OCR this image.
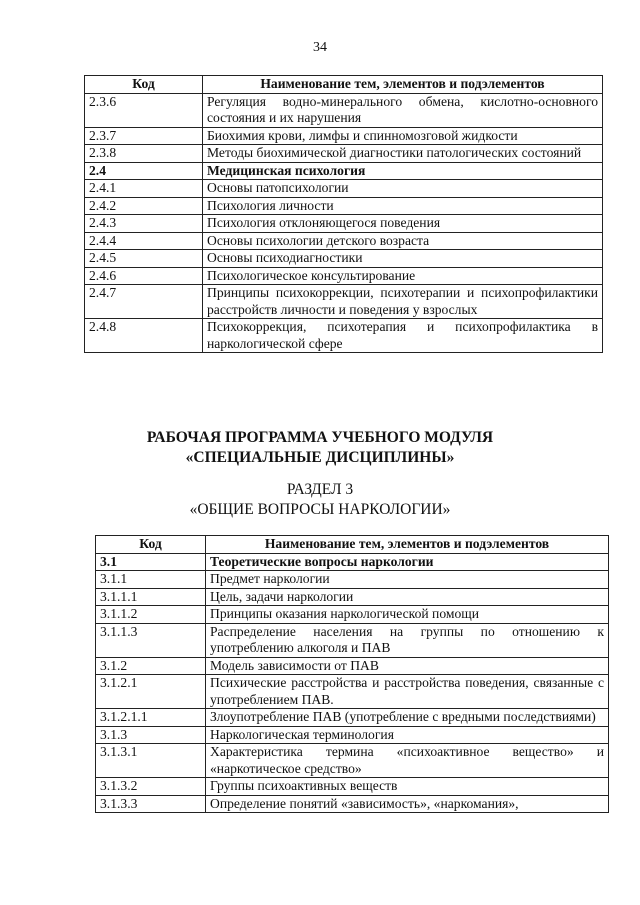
34
Код	Наименование тем, элементов и подэлементов
2.3.6	Регуляция водно-минерального обмена, кислотно-основного состояния и их нарушения
2.3.7	Биохимия крови, лимфы и спинномозговой жидкости
2.3.8	Методы биохимической диагностики патологических состояний
2.4	Медицинская психология
2.4.1	Основы патопсихологии
2.4.2	Психология личности
2.4.3	Психология отклоняющегося поведения
2.4.4	Основы психологии детского возраста
2.4.5	Основы психодиагностики
2.4.6	Психологическое консультирование
2.4.7	Принципы психокоррекции, психотерапии и психопрофилактики расстройств личности и поведения у взрослых
2.4.8	Психокоррекция, психотерапия и психопрофилактика в наркологической сфере
РАБОЧАЯ ПРОГРАММА УЧЕБНОГО МОДУЛЯ
«СПЕЦИАЛЬНЫЕ ДИСЦИПЛИНЫ»
РАЗДЕЛ 3
«ОБЩИЕ ВОПРОСЫ НАРКОЛОГИИ»
Код	Наименование тем, элементов и подэлементов
3.1	Теоретические вопросы наркологии
3.1.1	Предмет наркологии
3.1.1.1	Цель, задачи наркологии
3.1.1.2	Принципы оказания наркологической помощи
3.1.1.3	Распределение населения на группы по отношению к употреблению алкоголя и ПАВ
3.1.2	Модель зависимости от ПАВ
3.1.2.1	Психические расстройства и расстройства поведения, связанные с употреблением ПАВ.
3.1.2.1.1	Злоупотребление ПАВ (употребление с вредными последствиями)
3.1.3	Наркологическая терминология
3.1.3.1	Характеристика термина «психоактивное вещество» и «наркотическое средство»
3.1.3.2	Группы психоактивных веществ
3.1.3.3	Определение понятий «зависимость», «наркомания»,
